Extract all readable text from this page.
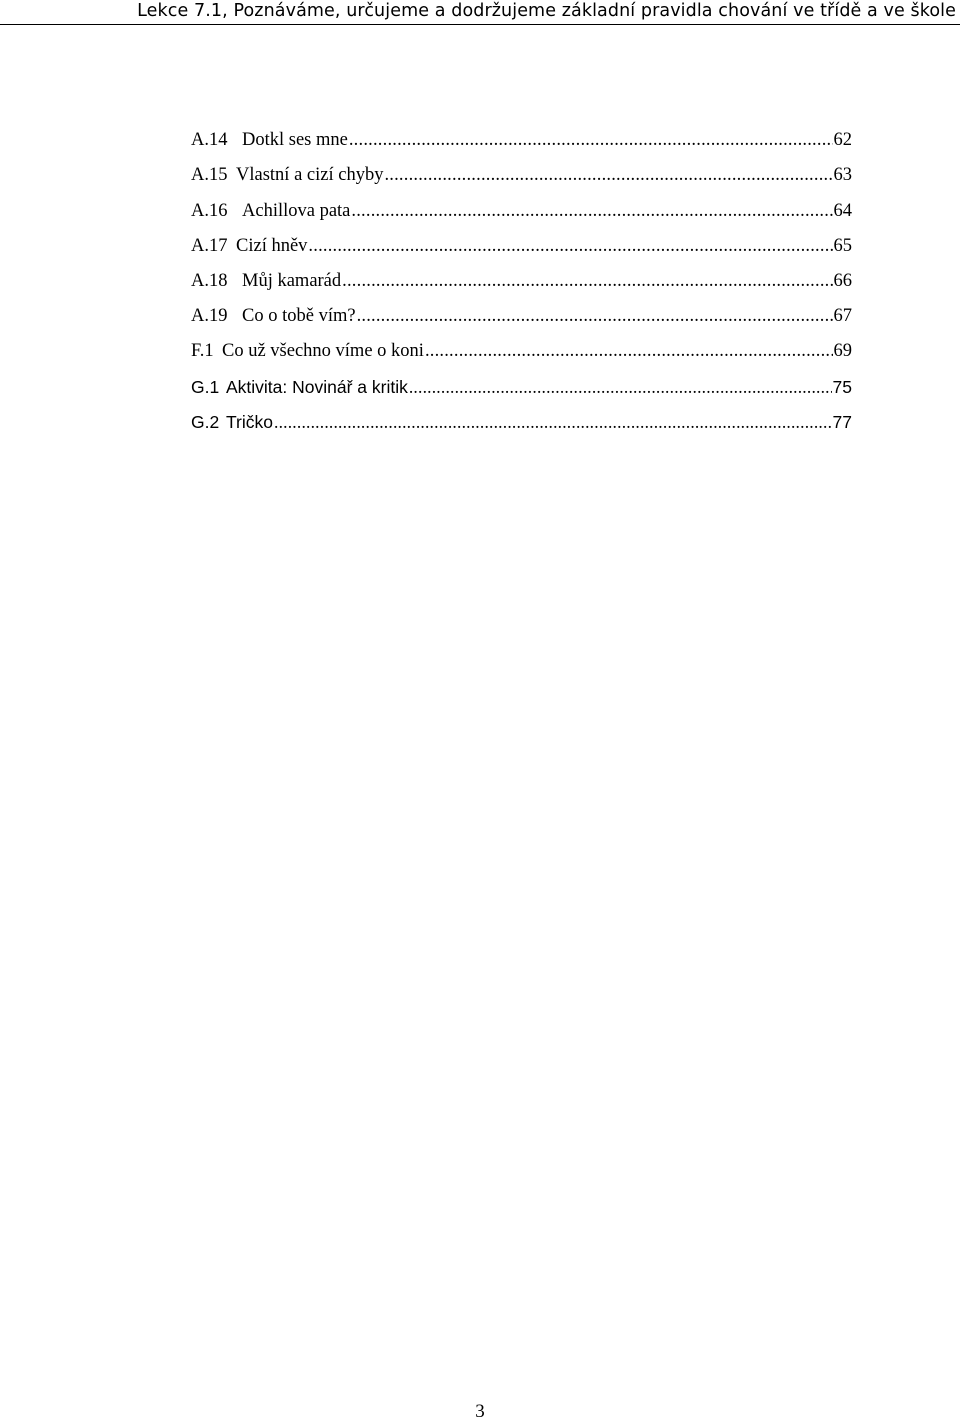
Lekce 7.1, Poznáváme, určujeme a dodržujeme základní pravidla chování ve třídě a ve škole
A.14 Dotkl ses mne .....	62
A.15 Vlastní a cizí chyby .....	63
A.16 Achillova pata .....	64
A.17 Cizí hněv .....	65
A.18 Můj kamarád .....	66
A.19 Co o tobě vím? .....	67
F.1 Co už všechno víme o koni .....	69
G.1 Aktivita: Novinář a kritik .....	75
G.2 Tričko .....	77
3
